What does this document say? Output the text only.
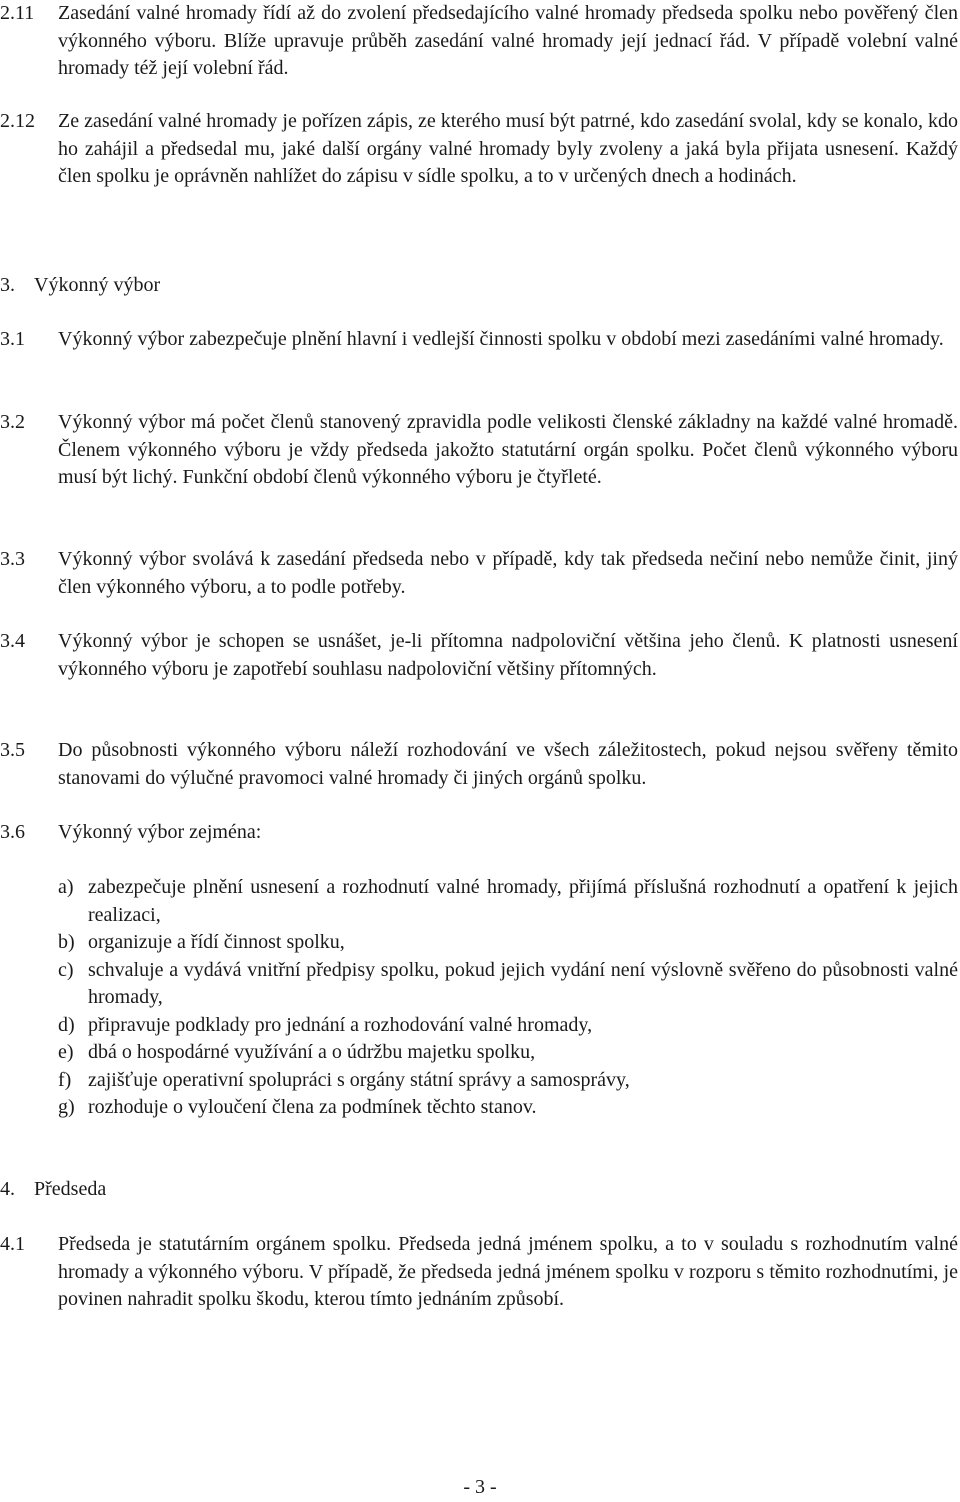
2.11	Zasedání valné hromady řídí až do zvolení předsedajícího valné hromady předseda spolku nebo pověřený člen výkonného výboru. Blíže upravuje průběh zasedání valné hromady její jednací řád. V případě volební valné hromady též její volební řád.
2.12	Ze zasedání valné hromady je pořízen zápis, ze kterého musí být patrné, kdo zasedání svolal, kdy se konalo, kdo ho zahájil a předsedal mu, jaké další orgány valné hromady byly zvoleny a jaká byla přijata usnesení. Každý člen spolku je oprávněn nahlížet do zápisu v sídle spolku, a to v určených dnech a hodinách.
3. Výkonný výbor
3.1	Výkonný výbor zabezpečuje plnění hlavní i vedlejší činnosti spolku v období mezi zasedáními valné hromady.
3.2	Výkonný výbor má počet členů stanovený zpravidla podle velikosti členské základny na každé valné hromadě. Členem výkonného výboru je vždy předseda jakožto statutární orgán spolku. Počet členů výkonného výboru musí být lichý. Funkční období členů výkonného výboru je čtyřleté.
3.3	Výkonný výbor svolává k zasedání předseda nebo v případě, kdy tak předseda nečiní nebo nemůže činit, jiný člen výkonného výboru, a to podle potřeby.
3.4	Výkonný výbor je schopen se usnášet, je-li přítomna nadpoloviční většina jeho členů. K platnosti usnesení výkonného výboru je zapotřebí souhlasu nadpoloviční většiny přítomných.
3.5	Do působnosti výkonného výboru náleží rozhodování ve všech záležitostech, pokud nejsou svěřeny těmito stanovami do výlučné pravomoci valné hromady či jiných orgánů spolku.
3.6	Výkonný výbor zejména:
a) zabezpečuje plnění usnesení a rozhodnutí valné hromady, přijímá příslušná rozhodnutí a opatření k jejich realizaci,
b) organizuje a řídí činnost spolku,
c) schvaluje a vydává vnitřní předpisy spolku, pokud jejich vydání není výslovně svěřeno do působnosti valné hromady,
d) připravuje podklady pro jednání a rozhodování valné hromady,
e) dbá o hospodárné využívání a o údržbu majetku spolku,
f) zajišťuje operativní spolupráci s orgány státní správy a samosprávy,
g) rozhoduje o vyloučení člena za podmínek těchto stanov.
4. Předseda
4.1	Předseda je statutárním orgánem spolku. Předseda jedná jménem spolku, a to v souladu s rozhodnutím valné hromady a výkonného výboru. V případě, že předseda jedná jménem spolku v rozporu s těmito rozhodnutími, je povinen nahradit spolku škodu, kterou tímto jednáním způsobí.
- 3 -
